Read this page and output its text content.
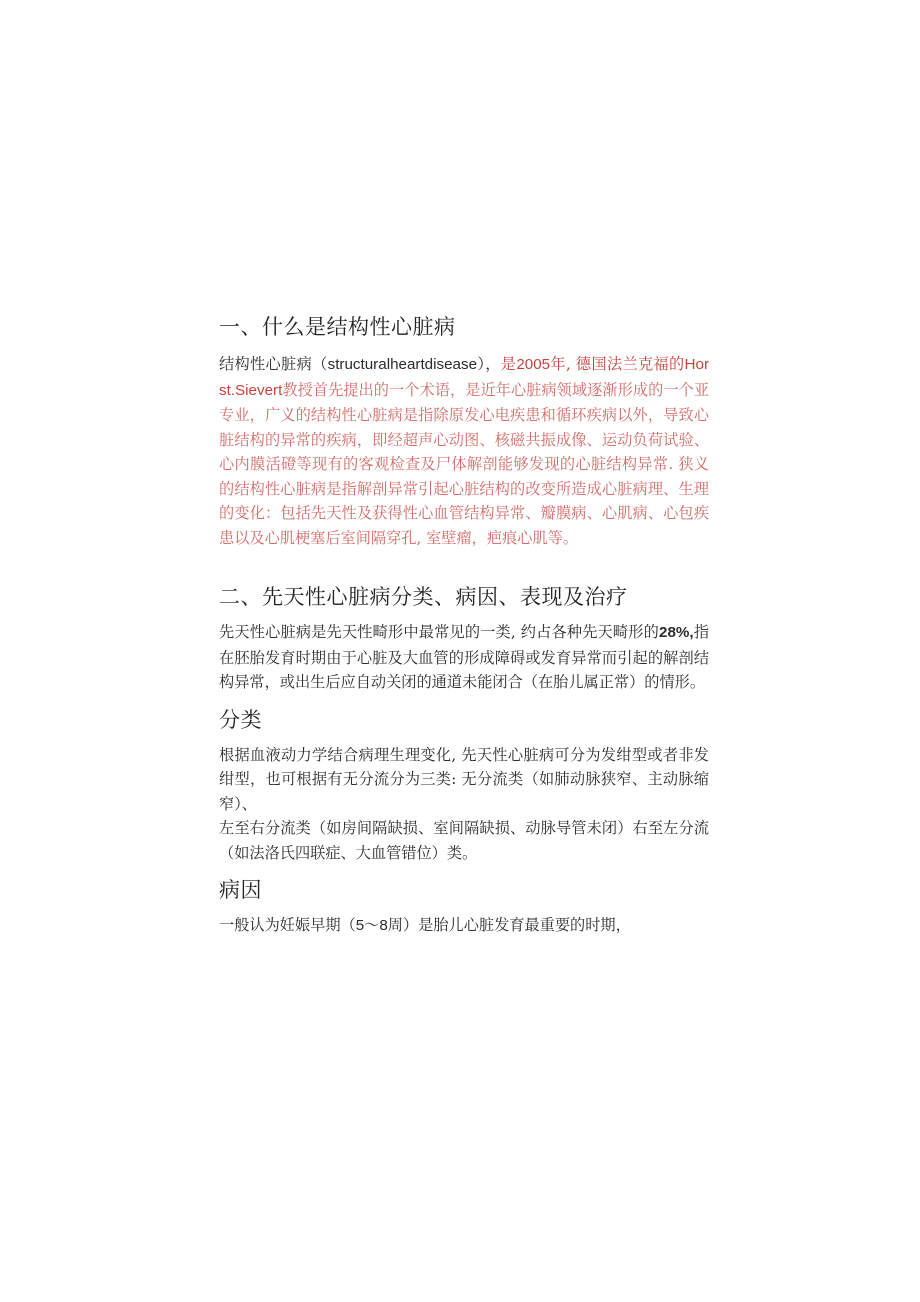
一、什么是结构性心脏病

结构性心脏病（structuralheartdisease），是2005年, 德国法兰克福的Horst.Sievert教授首先提出的一个术语，是近年心脏病领域逐渐形成的一个亚专业，广义的结构性心脏病是指除原发心电疾患和循环疾病以外，导致心脏结构的异常的疾病，即经超声心动图、核磁共振成像、运动负荷试验、心内膜活磴等现有的客观检查及尸体解剖能够发现的心脏结构异常. 狭义的结构性心脏病是指解剖异常引起心脏结构的改变所造成心脏病理、生理的变化：包括先天性及获得性心血管结构异常、瓣膜病、心肌病、心包疾患以及心肌梗塞后室间隔穿孔, 室壁瘤，疤痕心肌等。

二、先天性心脏病分类、病因、表现及治疗

先天性心脏病是先天性畸形中最常见的一类, 约占各种先天畸形的28%,指在胚胎发育时期由于心脏及大血管的形成障碍或发育异常而引起的解剖结构异常，或出生后应自动关闭的通道未能闭合（在胎儿属正常）的情形。

分类

根据血液动力学结合病理生理变化, 先天性心脏病可分为发绀型或者非发绀型，也可根据有无分流分为三类: 无分流类（如肺动脉狭窄、主动脉缩窄）、

左至右分流类（如房间隔缺损、室间隔缺损、动脉导管未闭）右至左分流（如法洛氏四联症、大血管错位）类。

病因

一般认为妊娠早期（5～8周）是胎儿心脏发育最重要的时期，
